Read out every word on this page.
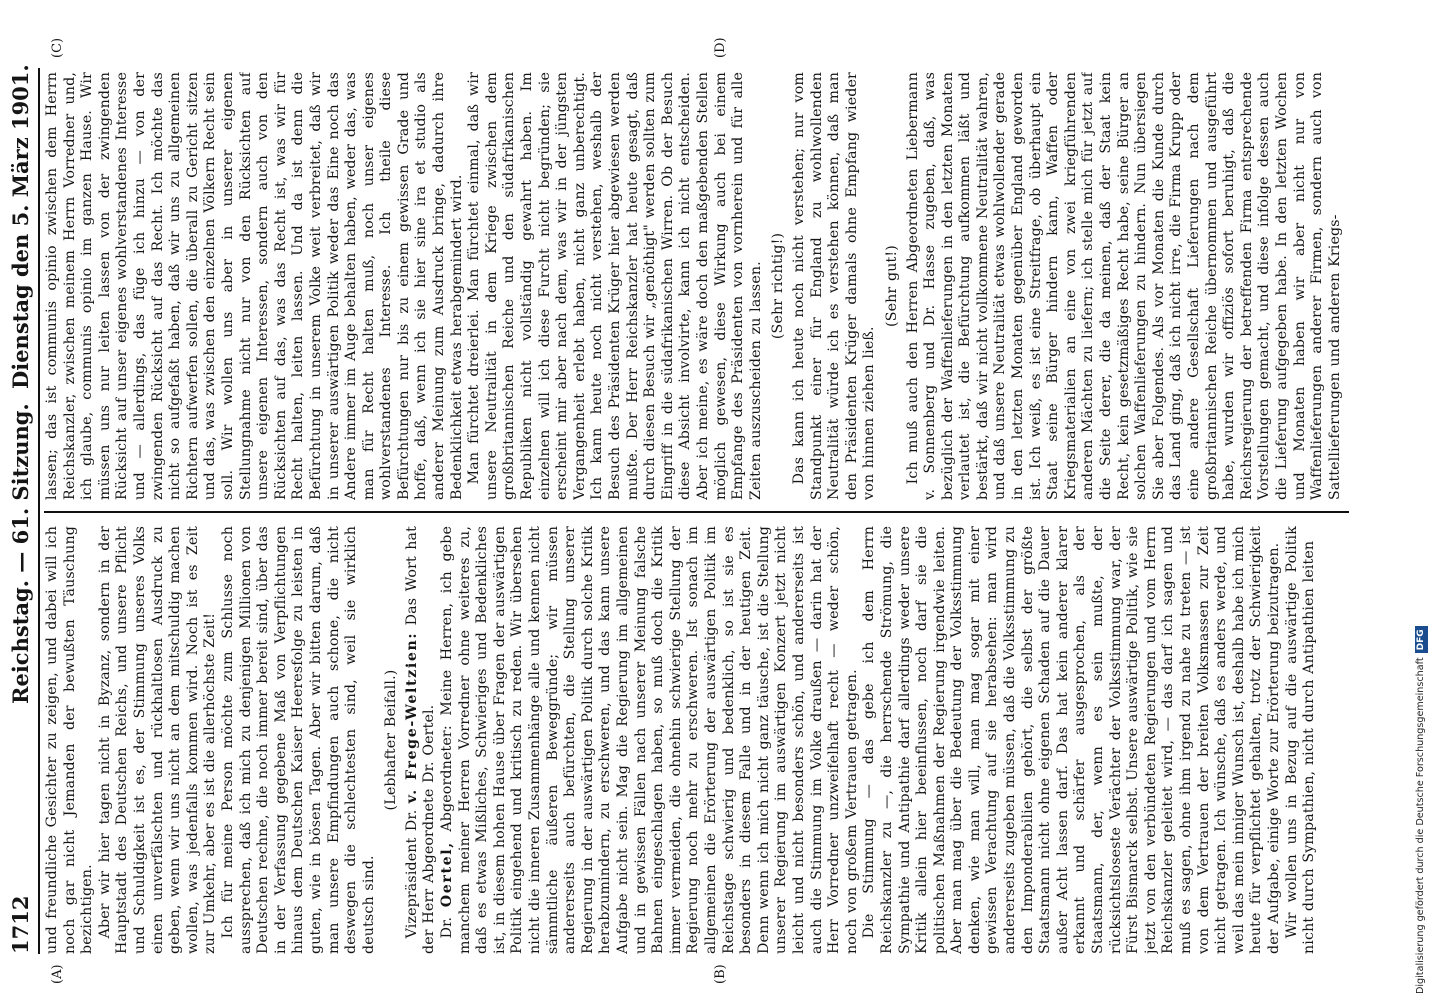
1712
Reichstag. — 61. Sitzung.
Dienstag den 5. März 1901.
(A)	(B)
(C)	(D)

und freundliche Gesichter zu zeigen, und dabei will ich noch gar nicht Jemanden der bewußten Täuschung bezichtigen. Aber wir hier tagen nicht in Byzanz, sondern in der Hauptstadt des Deutschen Reichs, und unsere Pflicht und Schuldigkeit ist es, der Stimmung unseres Volks einen unverfälschten und rückhaltlosen Ausdruck zu geben, wenn wir uns nicht an dem mitschuldig machen wollen, was jedenfalls kommen wird. Noch ist es Zeit zur Umkehr, aber es ist die allerhöchste Zeit! Ich für meine Person möchte zum Schlusse noch aussprechen, daß ich mich zu denjenigen Millionen von Deutschen rechne, die noch immer bereit sind, über das in der Verfassung gegebene Maß von Verpflichtungen hinaus dem Deutschen Kaiser Heeresfolge zu leisten in guten, wie in bösen Tagen. Aber wir bitten darum, daß man unsere Empfindungen auch schone, die nicht deswegen die schlechtesten sind, weil sie wirklich deutsch sind.

(Lebhafter Beifall.)

Vizepräsident Dr. v. Frege-Weltzien: Das Wort hat der Herr Abgeordnete Dr. Oertel. Dr. Oertel, Abgeordneter: Meine Herren, ich gebe manchem meiner Herren Vorredner ohne weiteres zu, daß es etwas Mißliches, Schwieriges und Bedenkliches ist, in diesem hohen Hause über Fragen der auswärtigen Politik eingehend und kritisch zu reden. Wir übersehen nicht die inneren Zusammenhänge alle und kennen nicht sämmtliche äußeren Beweggründe; wir müssen andererseits auch befürchten, die Stellung unserer Regierung in der auswärtigen Politik durch solche Kritik herabzumindern, zu erschweren, und das kann unsere Aufgabe nicht sein. Mag die Regierung im allgemeinen und in gewissen Fällen nach unserer Meinung falsche Bahnen eingeschlagen haben, so muß doch die Kritik immer vermeiden, die ohnehin schwierige Stellung der Regierung noch mehr zu erschweren. Ist sonach im allgemeinen die Erörterung der auswärtigen Politik im Reichstage schwierig und bedenklich, so ist sie es besonders in diesem Falle und in der heutigen Zeit. Denn wenn ich mich nicht ganz täusche, ist die Stellung unserer Regierung im auswärtigen Konzert jetzt nicht leicht und nicht besonders schön, und andererseits ist auch die Stimmung im Volke draußen — darin hat der Herr Vorredner unzweifelhaft recht — weder schön, noch von großem Vertrauen getragen. Die Stimmung — das gebe ich dem Herrn Reichskanzler zu —, die herrschende Strömung, die Sympathie und Antipathie darf allerdings weder unsere Kritik allein hier beeinflussen, noch darf sie die politischen Maßnahmen der Regierung irgendwie leiten. Aber man mag über die Bedeutung der Volksstimmung denken, wie man will, man mag sogar mit einer gewissen Verachtung auf sie herabsehen: man wird andererseits zugeben müssen, daß die Volksstimmung zu den Imponderabilien gehört, die selbst der größte Staatsmann nicht ohne eigenen Schaden auf die Dauer außer Acht lassen darf. Das hat kein anderer klarer erkannt und schärfer ausgesprochen, als der Staatsmann, der, wenn es sein mußte, der rücksichtsloseste Verächter der Volksstimmung war, der Fürst Bismarck selbst. Unsere auswärtige Politik, wie sie jetzt von den verbündeten Regierungen und vom Herrn Reichskanzler geleitet wird, — das darf ich sagen und muß es sagen, ohne ihm irgend zu nahe zu treten — ist von dem Vertrauen der breiten Volksmassen zur Zeit nicht getragen. Ich wünsche, daß es anders werde, und weil das mein inniger Wunsch ist, deshalb habe ich mich heute für verpflichtet gehalten, trotz der Schwierigkeit der Aufgabe, einige Worte zur Erörterung beizutragen. Wir wollen uns in Bezug auf die auswärtige Politik nicht durch Sympathien, nicht durch Antipathien leiten

lassen; das ist communis opinio zwischen dem Herrn Reichskanzler, zwischen meinem Herrn Vorredner und, ich glaube, communis opinio im ganzen Hause. Wir müssen uns nur leiten lassen von der zwingenden Rücksicht auf unser eigenes wohlverstandenes Interesse und — allerdings, das füge ich hinzu — von der zwingenden Rücksicht auf das Recht. Ich möchte das nicht so aufgefaßt haben, daß wir uns zu allgemeinen Richtern aufwerfen sollen, die überall zu Gericht sitzen und das, was zwischen den einzelnen Völkern Recht sein soll. Wir wollen uns aber in unserer eigenen Stellungnahme nicht nur von den Rücksichten auf unsere eigenen Interessen, sondern auch von den Rücksichten auf das, was das Recht ist, was wir für Recht halten, leiten lassen. Und da ist denn die Befürchtung in unserem Volke weit verbreitet, daß wir in unserer auswärtigen Politik weder das Eine noch das Andere immer im Auge behalten haben, weder das, was man für Recht halten muß, noch unser eigenes wohlverstandenes Interesse. Ich theile diese Befürchtungen nur bis zu einem gewissen Grade und hoffe, daß, wenn ich sie hier sine ira et studio als anderer Meinung zum Ausdruck bringe, dadurch ihre Bedenklichkeit etwas herabgemindert wird. Man fürchtet dreierlei. Man fürchtet einmal, daß wir unsere Neutralität in dem Kriege zwischen dem großbritannischen Reiche und den südafrikanischen Republiken nicht vollständig gewahrt haben. Im einzelnen will ich diese Furcht nicht begründen; sie erscheint mir aber nach dem, was wir in der jüngsten Vergangenheit erlebt haben, nicht ganz unberechtigt. Ich kann heute noch nicht verstehen, weshalb der Besuch des Präsidenten Krüger hier abgewiesen werden mußte. Der Herr Reichskanzler hat heute gesagt, daß durch diesen Besuch wir „genöthigt" werden sollten zum Eingriff in die südafrikanischen Wirren. Ob der Besuch diese Absicht involvirte, kann ich nicht entscheiden. Aber ich meine, es wäre doch den maßgebenden Stellen möglich gewesen, diese Wirkung auch bei einem Empfange des Präsidenten von vornherein und für alle Zeiten auszuscheiden zu lassen. (Sehr richtig!) Das kann ich heute noch nicht verstehen; nur vom Standpunkt einer für England zu wohlwollenden Neutralität würde ich es verstehen können, daß man den Präsidenten Krüger damals ohne Empfang wieder von hinnen ziehen ließ.

(Sehr gut!) Ich muß auch den Herren Abgeordneten Liebermann v. Sonnenberg und Dr. Hasse zugeben, daß, was bezüglich der Waffenlieferungen in den letzten Monaten verlautet ist, die Befürchtung aufkommen läßt und bestärkt, daß wir nicht vollkommene Neutralität wahren, und daß unsere Neutralität etwas wohlwollender gerade in den letzten Monaten gegenüber England geworden ist. Ich weiß, es ist eine Streitfrage, ob überhaupt ein Staat seine Bürger hindern kann, Waffen oder Kriegsmaterialien an eine von zwei kriegführenden anderen Mächten zu liefern; ich stelle mich für jetzt auf die Seite derer, die da meinen, daß der Staat kein Recht, kein gesetzmäßiges Recht habe, seine Bürger an solchen Waffenlieferungen zu hindern. Nun übersiegen Sie aber Folgendes. Als vor Monaten die Kunde durch das Land ging, daß ich nicht irre, die Firma Krupp oder eine andere Gesellschaft Lieferungen nach dem großbritannischen Reiche übernommen und ausgeführt habe, wurden wir offiziös sofort beruhigt, daß die Reichsregierung der betreffenden Firma entsprechende Vorstellungen gemacht, und diese infolge dessen auch die Lieferung aufgegeben habe. In den letzten Wochen und Monaten haben wir aber nicht nur von Waffenlieferungen anderer Firmen, sondern auch von Sattellieferungen und anderen Kriegs-

Digitalisierung gefördert durch die Deutsche ForschungsgemeinschaftDFG
